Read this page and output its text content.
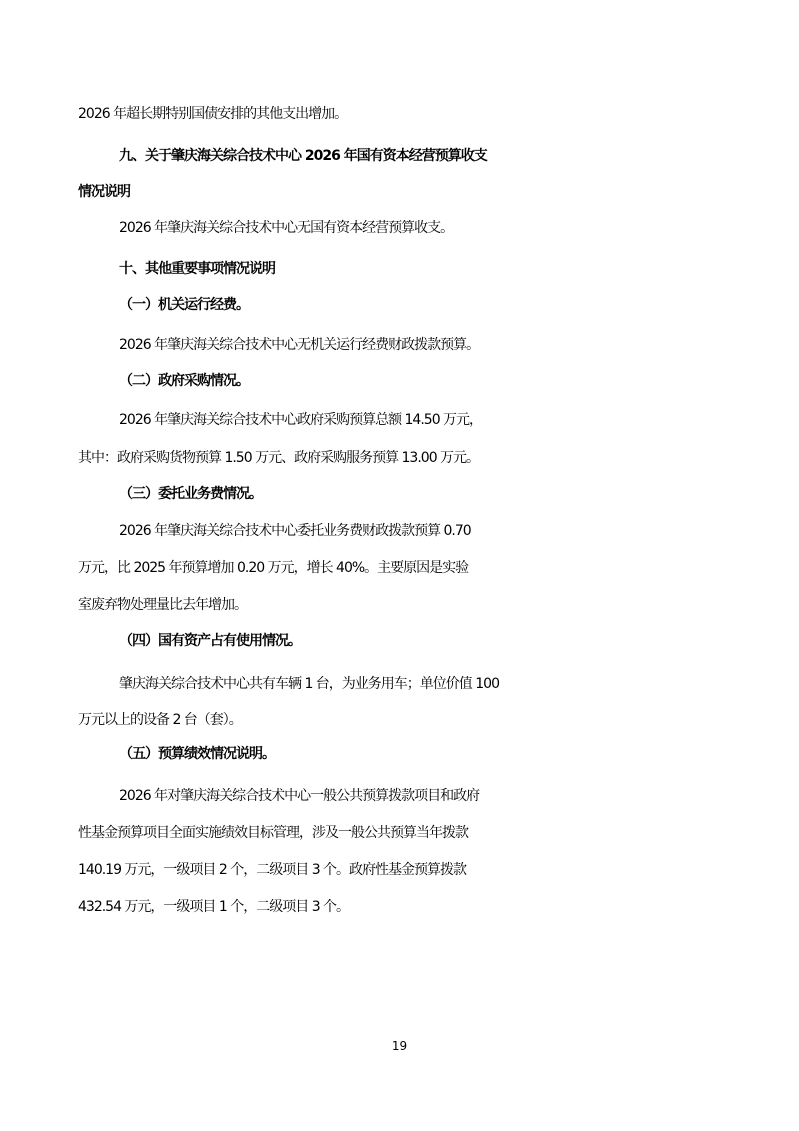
2026 年超长期特别国债安排的其他支出增加。
九、关于肇庆海关综合技术中心 2026 年国有资本经营预算收支
情况说明
2026 年肇庆海关综合技术中心无国有资本经营预算收支。
十、其他重要事项情况说明
（一）机关运行经费。
2026 年肇庆海关综合技术中心无机关运行经费财政拨款预算。
（二）政府采购情况。
2026 年肇庆海关综合技术中心政府采购预算总额 14.50 万元，
其中：政府采购货物预算 1.50 万元、政府采购服务预算 13.00 万元。
（三）委托业务费情况。
2026 年肇庆海关综合技术中心委托业务费财政拨款预算 0.70
万元，比 2025 年预算增加 0.20 万元，增长 40%。主要原因是实验
室废弃物处理量比去年增加。
（四）国有资产占有使用情况。
肇庆海关综合技术中心共有车辆 1 台，为业务用车；单位价值 100
万元以上的设备 2 台（套）。
（五）预算绩效情况说明。
2026 年对肇庆海关综合技术中心一般公共预算拨款项目和政府
性基金预算项目全面实施绩效目标管理，涉及一般公共预算当年拨款
140.19 万元，一级项目 2 个，二级项目 3 个。政府性基金预算拨款
432.54 万元，一级项目 1 个，二级项目 3 个。
19
